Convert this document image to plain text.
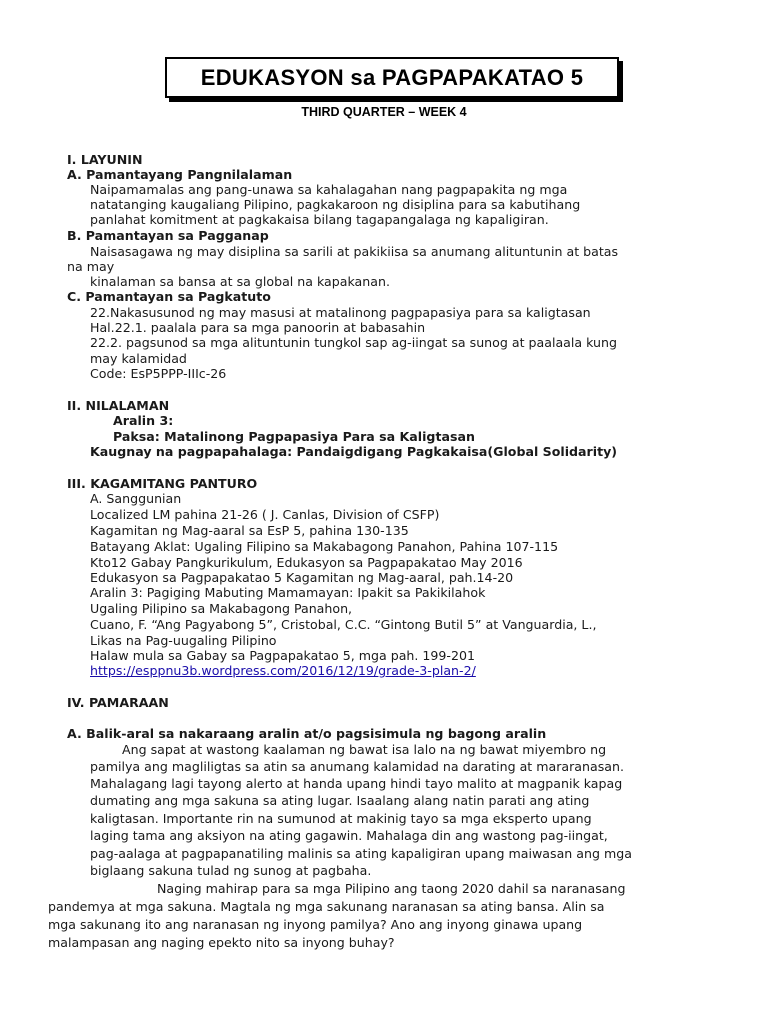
EDUKASYON sa PAGPAPAKATAO 5
THIRD QUARTER – WEEK 4
I. LAYUNIN
A. Pamantayang Pangnilalaman
Naipamamalas ang pang-unawa sa kahalagahan nang pagpapakita ng mga
natatanging kaugaliang Pilipino, pagkakaroon ng disiplina para sa kabutihang
panlahat komitment at pagkakaisa bilang tagapangalaga ng kapaligiran.
B. Pamantayan sa Pagganap
Naisasagawa ng may disiplina sa sarili at pakikiisa sa anumang alituntunin at batas
na may
kinalaman sa bansa at sa global na kapakanan.
C. Pamantayan sa Pagkatuto
22.Nakasusunod ng may masusi at matalinong pagpapasiya para sa kaligtasan
Hal.22.1. paalala para sa mga panoorin at babasahin
22.2. pagsunod sa mga alituntunin tungkol sap ag-iingat sa sunog at paalaala kung
may kalamidad
Code: EsP5PPP-IIIc-26
II. NILALAMAN
Aralin 3:
Paksa: Matalinong Pagpapasiya Para sa Kaligtasan
Kaugnay na pagpapahalaga: Pandaigdigang Pagkakaisa(Global Solidarity)
III. KAGAMITANG PANTURO
A. Sanggunian
Localized LM pahina 21-26 ( J. Canlas, Division of CSFP)
Kagamitan ng Mag-aaral sa EsP 5, pahina 130-135
Batayang Aklat: Ugaling Filipino sa Makabagong Panahon, Pahina 107-115
Kto12 Gabay Pangkurikulum, Edukasyon sa Pagpapakatao May 2016
Edukasyon sa Pagpapakatao 5 Kagamitan ng Mag-aaral, pah.14-20
Aralin 3: Pagiging Mabuting Mamamayan: Ipakit sa Pakikilahok
Ugaling Pilipino sa Makabagong Panahon,
Cuano, F. “Ang Pagyabong 5”, Cristobal, C.C. “Gintong Butil 5” at Vanguardia, L.,
Likas na Pag-uugaling Pilipino
Halaw mula sa Gabay sa Pagpapakatao 5, mga pah. 199-201
https://esppnu3b.wordpress.com/2016/12/19/grade-3-plan-2/
IV. PAMARAAN
A. Balik-aral sa nakaraang aralin at/o pagsisimula ng bagong aralin
Ang sapat at wastong kaalaman ng bawat isa lalo na ng bawat miyembro ng
pamilya ang magliligtas sa atin sa anumang kalamidad na darating at mararanasan.
Mahalagang lagi tayong alerto at handa upang hindi tayo malito at magpanik kapag
dumating ang mga sakuna sa ating lugar. Isaalang alang natin parati ang ating
kaligtasan. Importante rin na sumunod at makinig tayo sa mga eksperto upang
laging tama ang aksiyon na ating gagawin. Mahalaga din ang wastong pag-iingat,
pag-aalaga at pagpapanatiling malinis sa ating kapaligiran upang maiwasan ang mga
biglaang sakuna tulad ng sunog at pagbaha.
Naging mahirap para sa mga Pilipino ang taong 2020 dahil sa naranasang
pandemya at mga sakuna. Magtala ng mga sakunang naranasan sa ating bansa. Alin sa
mga sakunang ito ang naranasan ng inyong pamilya? Ano ang inyong ginawa upang
malampasan ang naging epekto nito sa inyong buhay?
